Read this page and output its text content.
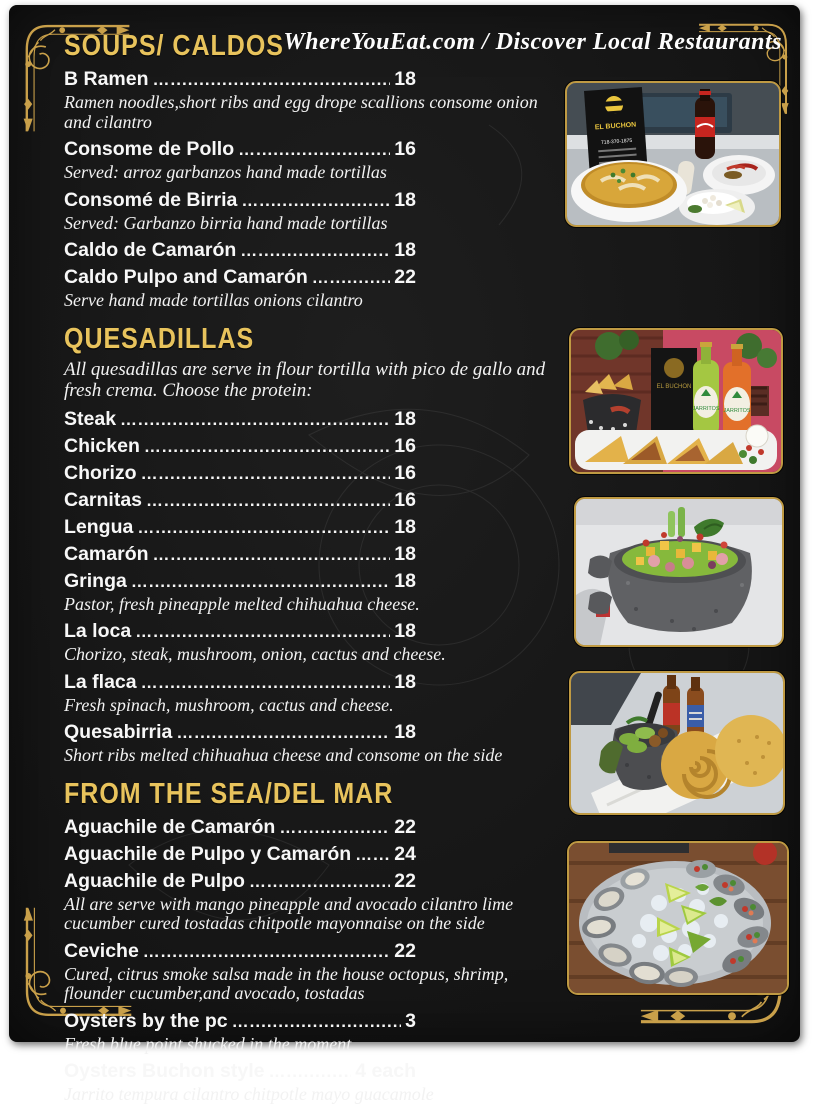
WhereYouEat.com / Discover Local Restaurants
SOUPS/ CALDOS
B Ramen …...........................................................................	18
Ramen noodles,short ribs and egg drope scallions consome onion and cilantro
Consome de Pollo …...........................................................................	16
Served: arroz garbanzos hand made tortillas
Consomé de Birria …...........................................................................	18
Served: Garbanzo birria hand made tortillas
Caldo de Camarón …...........................................................................	18
Caldo Pulpo and Camarón …...........................................................................	22
Serve hand made tortillas onions cilantro
QUESADILLAS
All quesadillas are serve in flour tortilla with pico de gallo and fresh crema. Choose the protein:
Steak …...........................................................................	18
Chicken …...........................................................................	16
Chorizo …...........................................................................	16
Carnitas …...........................................................................	16
Lengua …...........................................................................	18
Camarón …...........................................................................	18
Gringa …...........................................................................	18
Pastor, fresh pineapple melted chihuahua cheese.
La loca …...........................................................................	18
Chorizo, steak, mushroom, onion, cactus and cheese.
La flaca …...........................................................................	18
Fresh spinach, mushroom, cactus and cheese.
Quesabirria …...........................................................................	18
Short ribs melted chihuahua cheese and consome on the side
FROM THE SEA/DEL MAR
Aguachile de Camarón …...........................................................................	22
Aguachile de Pulpo y Camarón …........................................................................... 24
Aguachile de Pulpo …...........................................................................	22
All are serve with mango pineapple and avocado cilantro lime cucumber cured tostadas chitpotle mayonnaise on the side
Ceviche …...........................................................................	22
Cured, citrus smoke salsa made in the house octopus, shrimp, flounder cucumber,and avocado, tostadas
Oysters by the pc …...........................................................................	3
Fresh blue point shucked in the moment
Oysters Buchon style …...........................................................................	4 each
Jarrito tempura cilantro chitpotle mayo guacamole
EL BUCHON
718-370-1875
EL BUCHON
JARRITOS JARRITOS
